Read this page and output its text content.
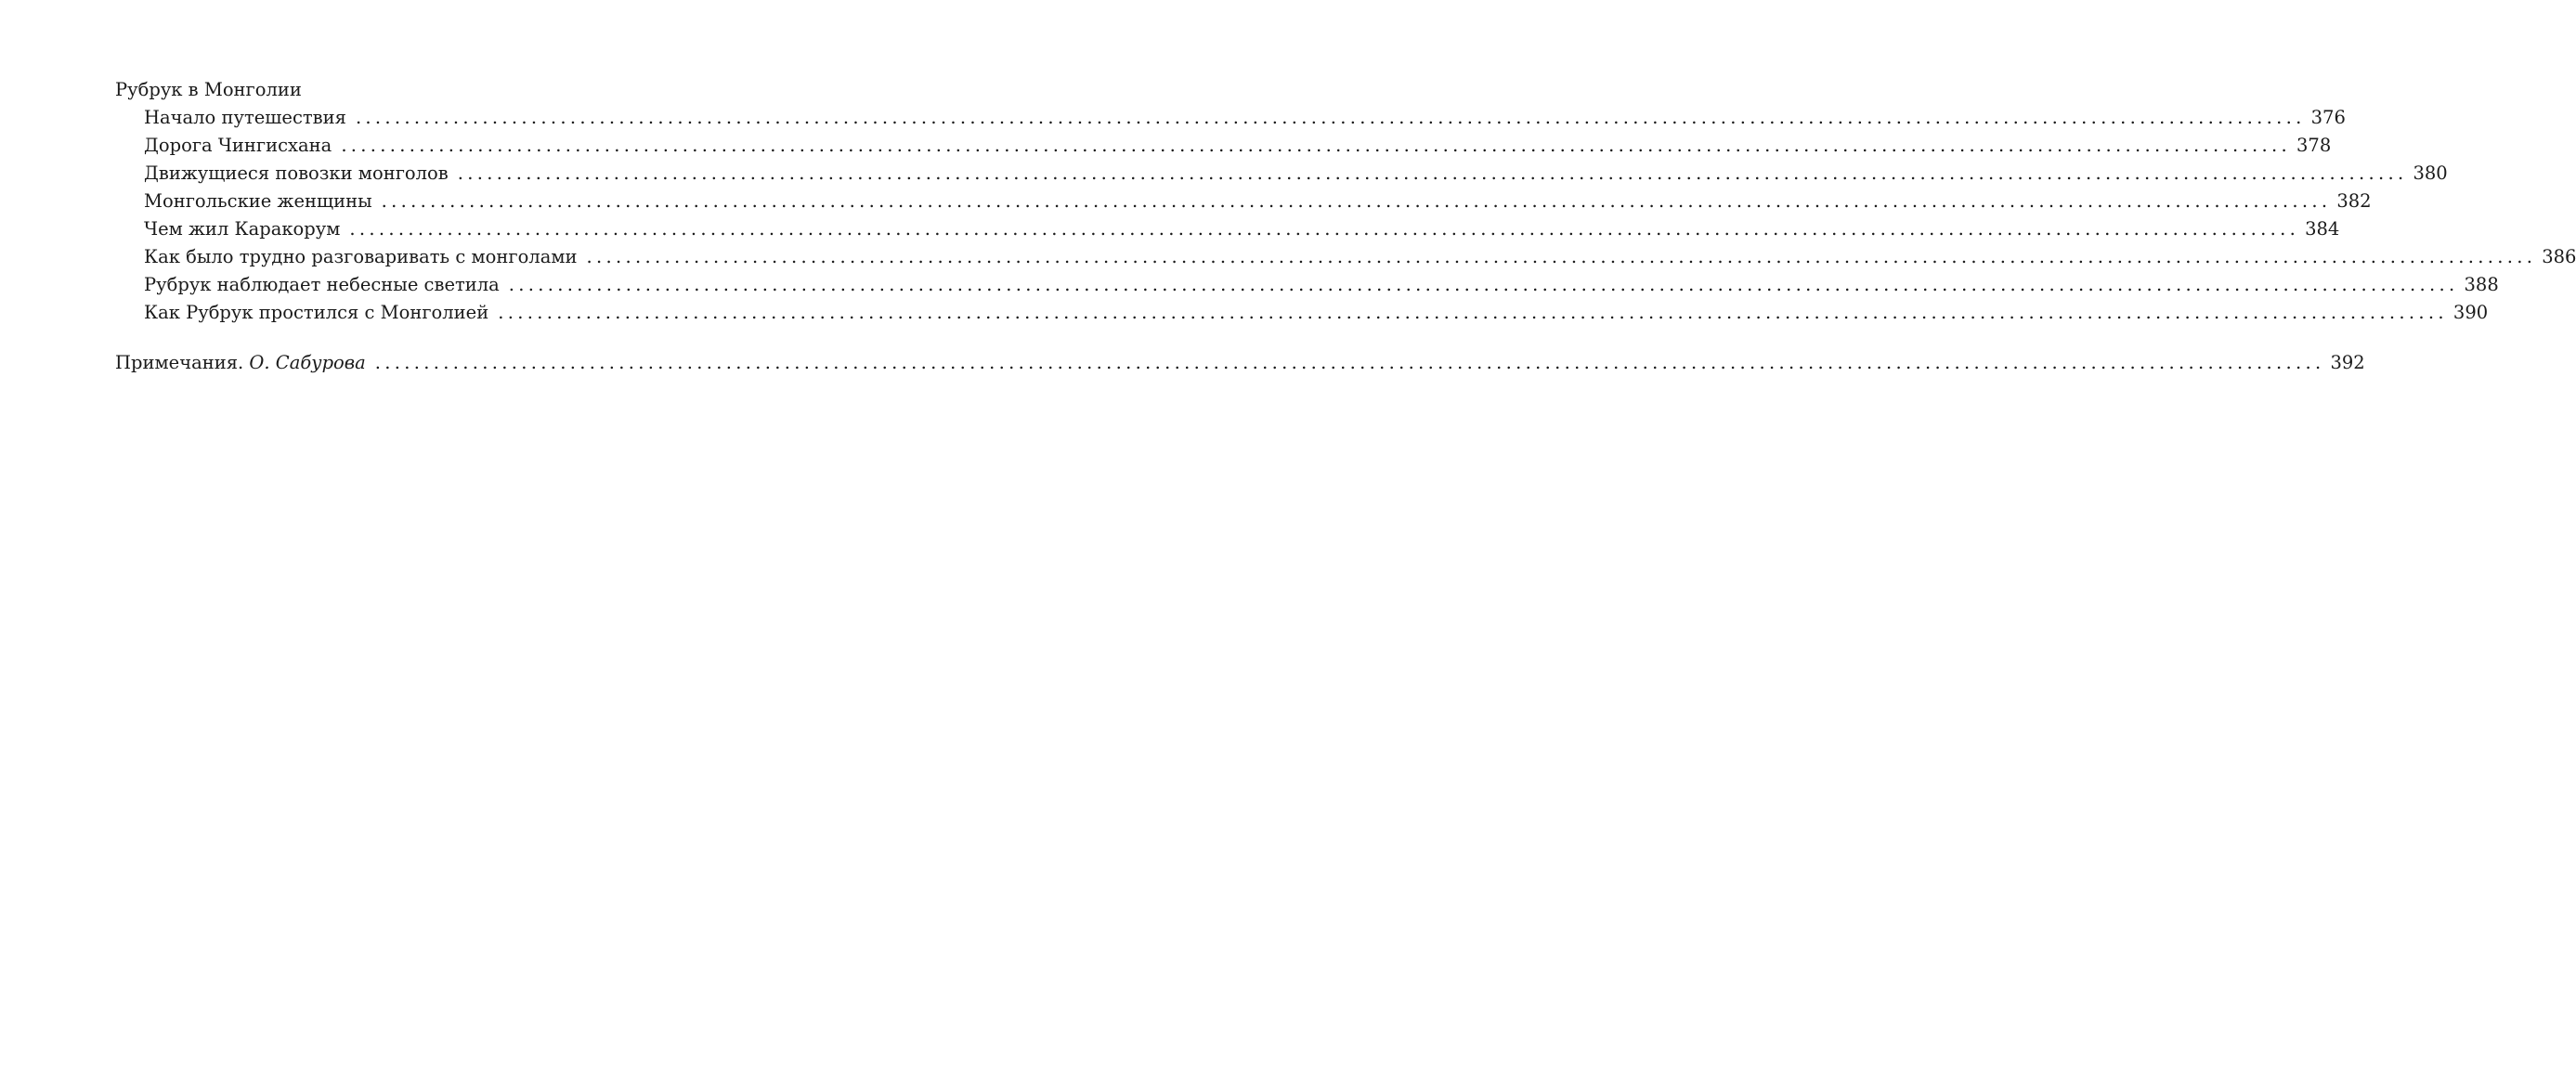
Рубрук в Монголии
Начало путешествия ........................................................................................................................................................................................................ 376
Дорога Чингисхана ........................................................................................................................................................................................................ 378
Движущиеся повозки монголов ........................................................................................................................................................................................................ 380
Монгольские женщины ........................................................................................................................................................................................................ 382
Чем жил Каракорум ........................................................................................................................................................................................................ 384
Как было трудно разговаривать с монголами ........................................................................................................................................................................................................ 386
Рубрук наблюдает небесные светила ........................................................................................................................................................................................................ 388
Как Рубрук простился с Монголией ........................................................................................................................................................................................................ 390
Примечания. О. Сабурова ........................................................................................................................................................................................................ 392
